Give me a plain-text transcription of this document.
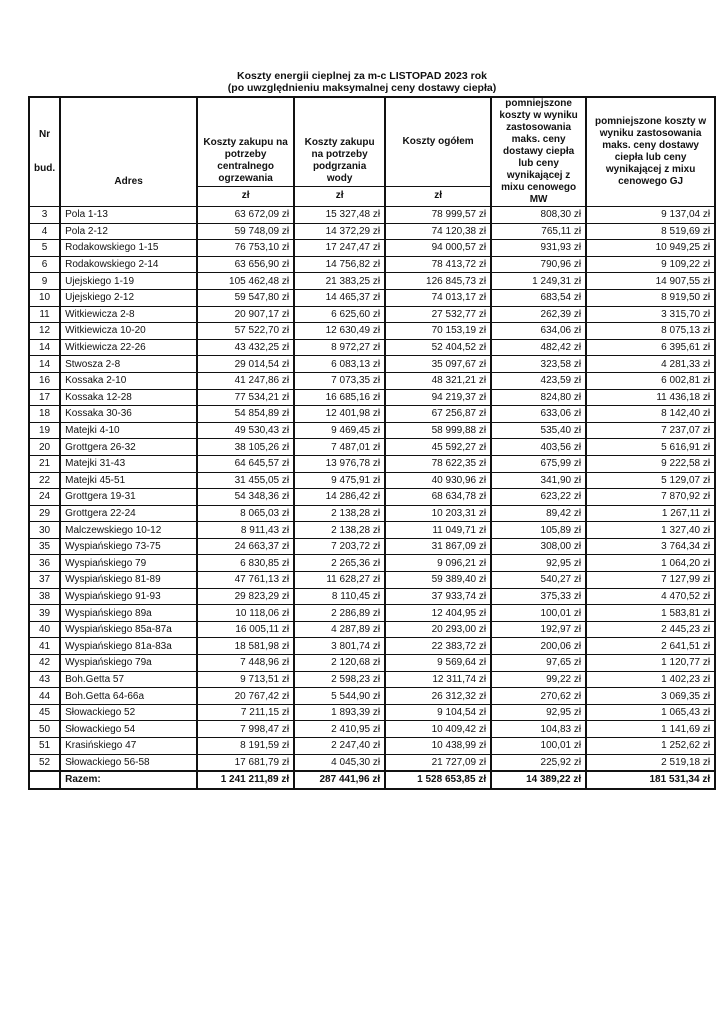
Koszty energii cieplnej za m-c LISTOPAD 2023 rok
(po uwzględnieniu maksymalnej ceny dostawy ciepła)
Nr
bud.	Adres	Koszty zakupu na potrzeby centralnego ogrzewania	Koszty zakupu na potrzeby podgrzania wody	Koszty ogółem	pomniejszone koszty w wyniku zastosowania maks. ceny dostawy ciepła lub ceny wynikającej z mixu cenowego MW	pomniejszone koszty w wyniku zastosowania maks. ceny dostawy ciepła lub ceny wynikającej z mixu cenowego GJ
		zł	zł	zł		
3	Pola 1-13	63 672,09 zł	15 327,48 zł	78 999,57 zł	808,30 zł	9 137,04 zł
4	Pola 2-12	59 748,09 zł	14 372,29 zł	74 120,38 zł	765,11 zł	8 519,69 zł
5	Rodakowskiego 1-15	76 753,10 zł	17 247,47 zł	94 000,57 zł	931,93 zł	10 949,25 zł
6	Rodakowskiego 2-14	63 656,90 zł	14 756,82 zł	78 413,72 zł	790,96 zł	9 109,22 zł
9	Ujejskiego 1-19	105 462,48 zł	21 383,25 zł	126 845,73 zł	1 249,31 zł	14 907,55 zł
10	Ujejskiego 2-12	59 547,80 zł	14 465,37 zł	74 013,17 zł	683,54 zł	8 919,50 zł
11	Witkiewicza 2-8	20 907,17 zł	6 625,60 zł	27 532,77 zł	262,39 zł	3 315,70 zł
12	Witkiewicza 10-20	57 522,70 zł	12 630,49 zł	70 153,19 zł	634,06 zł	8 075,13 zł
14	Witkiewicza 22-26	43 432,25 zł	8 972,27 zł	52 404,52 zł	482,42 zł	6 395,61 zł
14	Stwosza 2-8	29 014,54 zł	6 083,13 zł	35 097,67 zł	323,58 zł	4 281,33 zł
16	Kossaka 2-10	41 247,86 zł	7 073,35 zł	48 321,21 zł	423,59 zł	6 002,81 zł
17	Kossaka 12-28	77 534,21 zł	16 685,16 zł	94 219,37 zł	824,80 zł	11 436,18 zł
18	Kossaka 30-36	54 854,89 zł	12 401,98 zł	67 256,87 zł	633,06 zł	8 142,40 zł
19	Matejki 4-10	49 530,43 zł	9 469,45 zł	58 999,88 zł	535,40 zł	7 237,07 zł
20	Grottgera 26-32	38 105,26 zł	7 487,01 zł	45 592,27 zł	403,56 zł	5 616,91 zł
21	Matejki 31-43	64 645,57 zł	13 976,78 zł	78 622,35 zł	675,99 zł	9 222,58 zł
22	Matejki 45-51	31 455,05 zł	9 475,91 zł	40 930,96 zł	341,90 zł	5 129,07 zł
24	Grottgera 19-31	54 348,36 zł	14 286,42 zł	68 634,78 zł	623,22 zł	7 870,92 zł
29	Grottgera 22-24	8 065,03 zł	2 138,28 zł	10 203,31 zł	89,42 zł	1 267,11 zł
30	Malczewskiego 10-12	8 911,43 zł	2 138,28 zł	11 049,71 zł	105,89 zł	1 327,40 zł
35	Wyspiańskiego 73-75	24 663,37 zł	7 203,72 zł	31 867,09 zł	308,00 zł	3 764,34 zł
36	Wyspiańskiego 79	6 830,85 zł	2 265,36 zł	9 096,21 zł	92,95 zł	1 064,20 zł
37	Wyspiańskiego 81-89	47 761,13 zł	11 628,27 zł	59 389,40 zł	540,27 zł	7 127,99 zł
38	Wyspiańskiego 91-93	29 823,29 zł	8 110,45 zł	37 933,74 zł	375,33 zł	4 470,52 zł
39	Wyspiańskiego 89a	10 118,06 zł	2 286,89 zł	12 404,95 zł	100,01 zł	1 583,81 zł
40	Wyspiańskiego 85a-87a	16 005,11 zł	4 287,89 zł	20 293,00 zł	192,97 zł	2 445,23 zł
41	Wyspiańskiego 81a-83a	18 581,98 zł	3 801,74 zł	22 383,72 zł	200,06 zł	2 641,51 zł
42	Wyspiańskiego 79a	7 448,96 zł	2 120,68 zł	9 569,64 zł	97,65 zł	1 120,77 zł
43	Boh.Getta 57	9 713,51 zł	2 598,23 zł	12 311,74 zł	99,22 zł	1 402,23 zł
44	Boh.Getta 64-66a	20 767,42 zł	5 544,90 zł	26 312,32 zł	270,62 zł	3 069,35 zł
45	Słowackiego 52	7 211,15 zł	1 893,39 zł	9 104,54 zł	92,95 zł	1 065,43 zł
50	Słowackiego 54	7 998,47 zł	2 410,95 zł	10 409,42 zł	104,83 zł	1 141,69 zł
51	Krasińskiego 47	8 191,59 zł	2 247,40 zł	10 438,99 zł	100,01 zł	1 252,62 zł
52	Słowackiego 56-58	17 681,79 zł	4 045,30 zł	21 727,09 zł	225,92 zł	2 519,18 zł
	Razem:	1 241 211,89 zł	287 441,96 zł	1 528 653,85 zł	14 389,22 zł	181 531,34 zł
